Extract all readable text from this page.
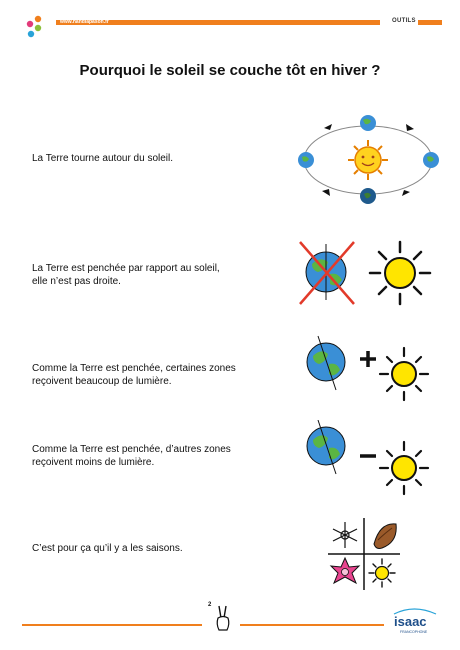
www.handiapason.fr	OUTILS
Pourquoi le soleil se couche tôt en hiver ?
La Terre tourne autour du soleil.
La Terre est penchée par rapport au soleil,
elle n’est pas droite.
Comme la Terre est penchée, certaines zones
reçoivent beaucoup de lumière.
Comme la Terre est penchée, d’autres zones
reçoivent moins de lumière.
C’est pour ça qu’il y a les saisons.
2
isaac
FRANCOPHONE
